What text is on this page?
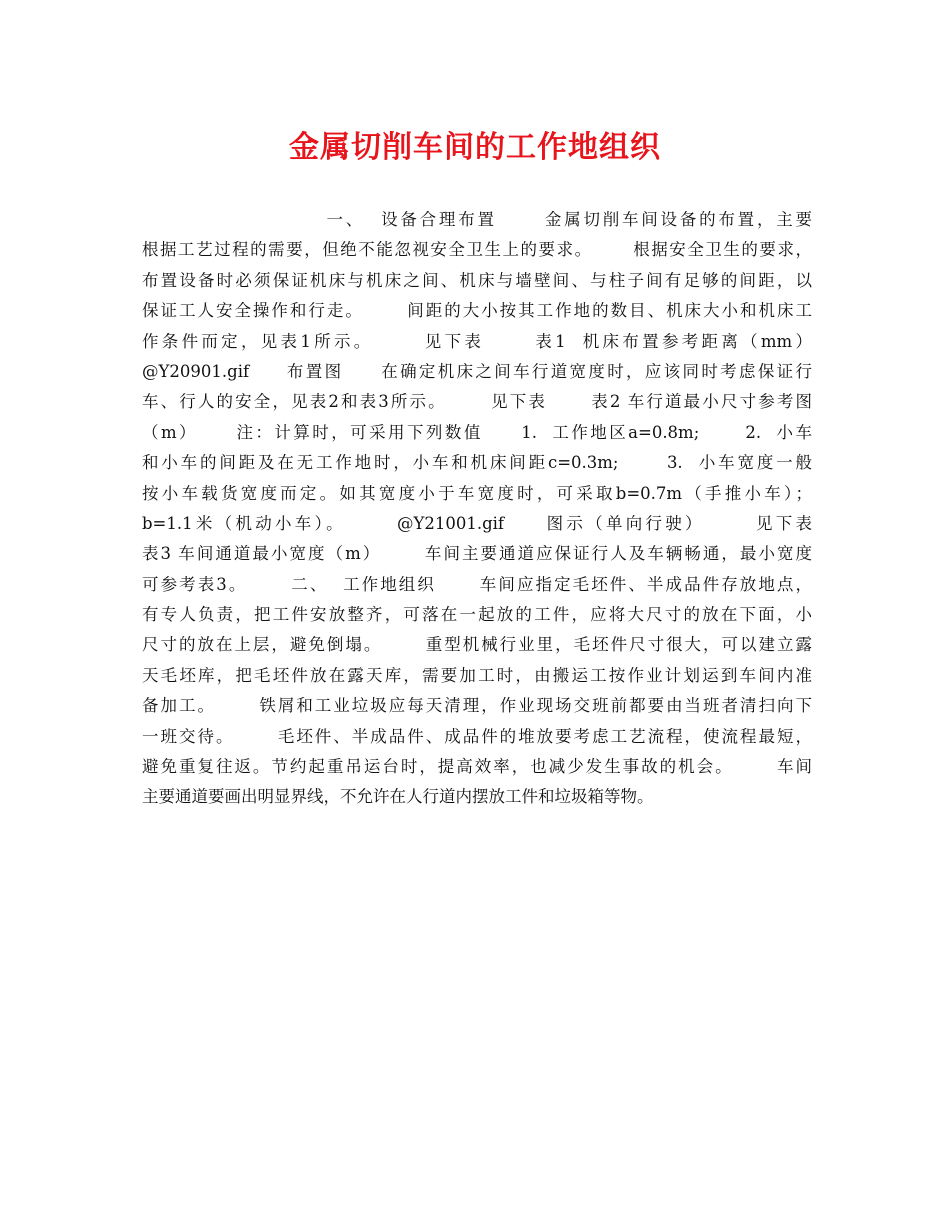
金属切削车间的工作地组织
一、  设备合理布置      金属切削车间设备的布置，主要
根据工艺过程的需要，但绝不能忽视安全卫生上的要求。      根据安全卫生的要求，
布置设备时必须保证机床与机床之间、机床与墙壁间、与柱子间有足够的间距，以
保证工人安全操作和行走。      间距的大小按其工作地的数目、机床大小和机床工
作条件而定，见表1所示。      见下表      表1  机床布置参考距离（mm）
@Y20901.gif     布置图     在确定机床之间车行道宽度时，应该同时考虑保证行
车、行人的安全，见表2和表3所示。      见下表      表2 车行道最小尺寸参考图
（m）     注：计算时，可采用下列数值     1.  工作地区a=0.8m;      2.  小车
和小车的间距及在无工作地时，小车和机床间距c=0.3m;      3.  小车宽度一般
按小车载货宽度而定。如其宽度小于车宽度时，可采取b=0.7m（手推小车）；
b=1.1米（机动小车）。      @Y21001.gif     图示（单向行驶）      见下表
表3 车间通道最小宽度（m）      车间主要通道应保证行人及车辆畅通，最小宽度
可参考表3。      二、  工作地组织      车间应指定毛坯件、半成品件存放地点，
有专人负责，把工件安放整齐，可落在一起放的工件，应将大尺寸的放在下面，小
尺寸的放在上层，避免倒塌。      重型机械行业里，毛坯件尺寸很大，可以建立露
天毛坯库，把毛坯件放在露天库，需要加工时，由搬运工按作业计划运到车间内准
备加工。      铁屑和工业垃圾应每天清理，作业现场交班前都要由当班者清扫向下
一班交待。      毛坯件、半成品件、成品件的堆放要考虑工艺流程，使流程最短，
避免重复往返。节约起重吊运台时，提高效率，也减少发生事故的机会。      车间
主要通道要画出明显界线，不允许在人行道内摆放工件和垃圾箱等物。
